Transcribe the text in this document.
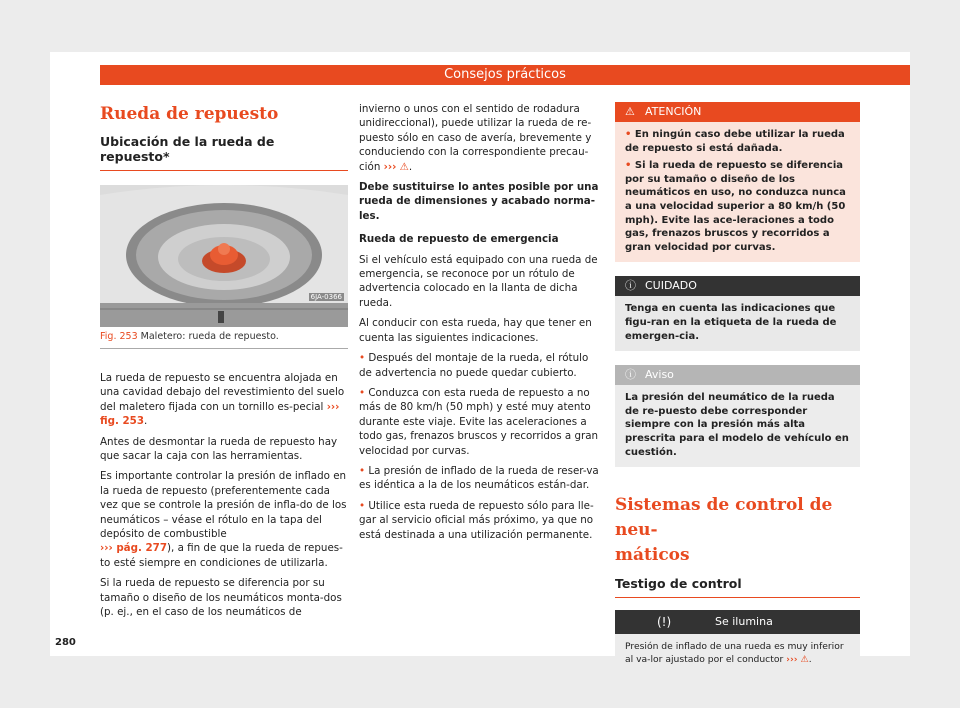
Consejos prácticos
Rueda de repuesto
Ubicación de la rueda de repuesto*
6JA-0366
Fig. 253 Maletero: rueda de repuesto.

La rueda de repuesto se encuentra alojada en una cavidad debajo del revestimiento del suelo del maletero fijada con un tornillo es-pecial ››› fig. 253.

Antes de desmontar la rueda de repuesto hay que sacar la caja con las herramientas.

Es importante controlar la presión de inflado en la rueda de repuesto (preferentemente cada vez que se controle la presión de infla-do de los neumáticos – véase el rótulo en la tapa del depósito de combustible
››› pág. 277), a fin de que la rueda de repues-to esté siempre en condiciones de utilizarla.

Si la rueda de repuesto se diferencia por su tamaño o diseño de los neumáticos monta-dos (p. ej., en el caso de los neumáticos de

invierno o unos con el sentido de rodadura unidireccional), puede utilizar la rueda de re-puesto sólo en caso de avería, brevemente y conduciendo con la correspondiente precau-ción ››› ⚠.

Debe sustituirse lo antes posible por una rueda de dimensiones y acabado norma-les.

Rueda de repuesto de emergencia

Si el vehículo está equipado con una rueda de emergencia, se reconoce por un rótulo de advertencia colocado en la llanta de dicha rueda.

Al conducir con esta rueda, hay que tener en cuenta las siguientes indicaciones.

• Después del montaje de la rueda, el rótulo de advertencia no puede quedar cubierto.

• Conduzca con esta rueda de repuesto a no más de 80 km/h (50 mph) y esté muy atento durante este viaje. Evite las aceleraciones a todo gas, frenazos bruscos y recorridos a gran velocidad por curvas.

• La presión de inflado de la rueda de reser-va es idéntica a la de los neumáticos están-dar.

• Utilice esta rueda de repuesto sólo para lle-gar al servicio oficial más próximo, ya que no está destinada a una utilización permanente.

⚠ ATENCIÓN
• En ningún caso debe utilizar la rueda de repuesto si está dañada.
• Si la rueda de repuesto se diferencia por su tamaño o diseño de los neumáticos en uso, no conduzca nunca a una velocidad superior a 80 km/h (50 mph). Evite las ace-leraciones a todo gas, frenazos bruscos y recorridos a gran velocidad por curvas.
ⓘ CUIDADO
Tenga en cuenta las indicaciones que figu-ran en la etiqueta de la rueda de emergen-cia.
ⓘ Aviso
La presión del neumático de la rueda de re-puesto debe corresponder siempre con la presión más alta prescrita para el modelo de vehículo en cuestión.
Sistemas de control de neu-
máticos
Testigo de control
(!)	Se ilumina
Presión de inflado de una rueda es muy inferior al va-lor ajustado por el conductor ››› ⚠.
280
